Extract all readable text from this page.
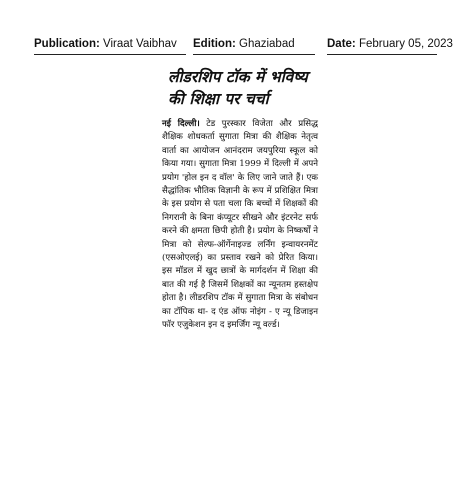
Publication: Viraat Vaibhav Edition: Ghaziabad	Date: February 05, 2023
लीडरशिप टॉक में भविष्य
की शिक्षा पर चर्चा
नई दिल्ली। टेड पुरस्कार विजेता और प्रसिद्ध शैक्षिक शोधकर्ता सुगाता मित्रा की शैक्षिक नेतृत्व वार्ता का आयोजन आनंदराम जयपुरिया स्कूल को किया गया। सुगाता मित्रा 1999 में दिल्ली में अपने प्रयोग 'होल इन द वॉल' के लिए जाने जाते हैं। एक सैद्धांतिक भौतिक विज्ञानी के रूप में प्रशिक्षित मित्रा के इस प्रयोग से पता चला कि बच्चों में शिक्षकों की निगरानी के बिना कंप्यूटर सीखने और इंटरनेट सर्फ करने की क्षमता छिपी होती है। प्रयोग के निष्कर्षों ने मित्रा को सेल्फ-ऑर्गेनाइज्ड लर्निंग इन्वायरनमेंट (एसओएलई) का प्रस्ताव रखने को प्रेरित किया। इस मॉडल में खुद छात्रों के मार्गदर्शन में शिक्षा की बात की गई है जिसमें शिक्षकों का न्यूनतम हस्तक्षेप होता है। लीडरशिप टॉक में सुगाता मित्रा के संबोधन का टॉपिक था- द एंड ऑफ नोइंग - ए न्यू डिजाइन फॉर एजुकेशन इन द इमर्जिंग न्यू वर्ल्ड।
